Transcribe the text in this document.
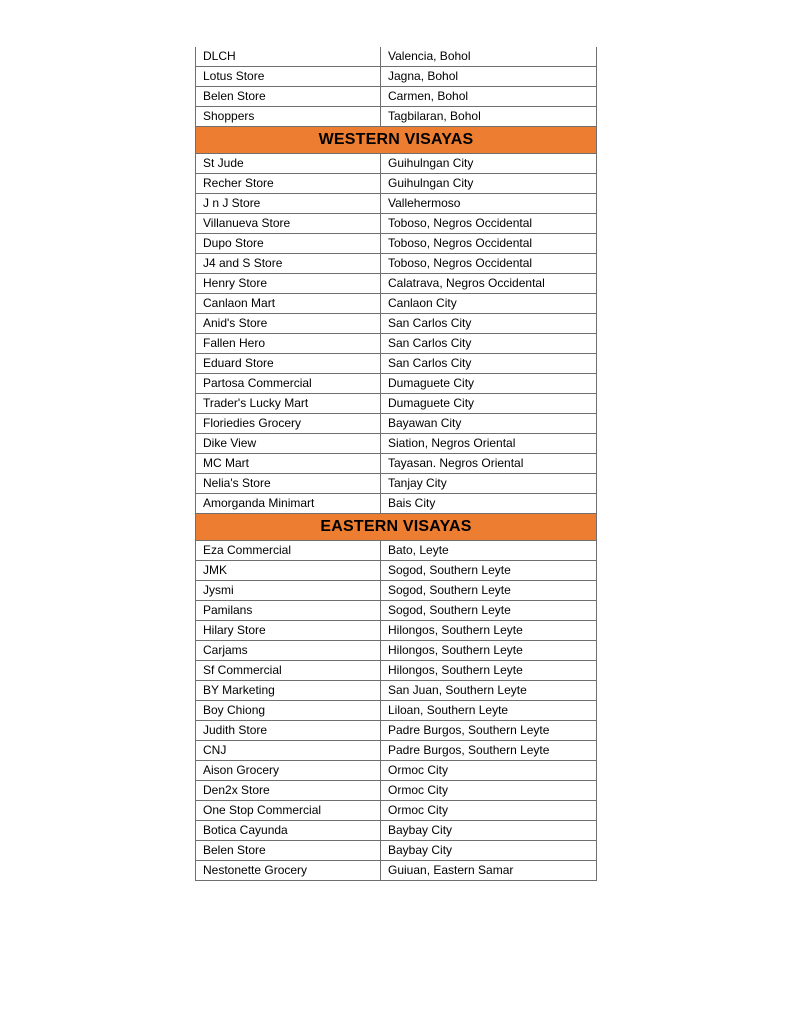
DLCH	Valencia, Bohol
Lotus Store	Jagna, Bohol
Belen Store	Carmen, Bohol
Shoppers	Tagbilaran, Bohol
WESTERN VISAYAS	
St Jude	Guihulngan City
Recher Store	Guihulngan City
J n J Store	Vallehermoso
Villanueva Store	Toboso, Negros Occidental
Dupo Store	Toboso, Negros Occidental
J4 and S Store	Toboso, Negros Occidental
Henry Store	Calatrava, Negros Occidental
Canlaon Mart	Canlaon City
Anid's Store	San Carlos City
Fallen Hero	San Carlos City
Eduard Store	San Carlos City
Partosa Commercial	Dumaguete City
Trader's Lucky Mart	Dumaguete City
Floriedies Grocery	Bayawan City
Dike View	Siation, Negros Oriental
MC Mart	Tayasan. Negros Oriental
Nelia's Store	Tanjay City
Amorganda Minimart	Bais City
EASTERN VISAYAS	
Eza Commercial	Bato, Leyte
JMK	Sogod, Southern Leyte
Jysmi	Sogod, Southern Leyte
Pamilans	Sogod, Southern Leyte
Hilary Store	Hilongos, Southern Leyte
Carjams	Hilongos, Southern Leyte
Sf Commercial	Hilongos, Southern Leyte
BY Marketing	San Juan, Southern Leyte
Boy Chiong	Liloan, Southern Leyte
Judith Store	Padre Burgos, Southern Leyte
CNJ	Padre Burgos, Southern Leyte
Aison Grocery	Ormoc City
Den2x Store	Ormoc City
One Stop Commercial	Ormoc City
Botica Cayunda	Baybay City
Belen Store	Baybay City
Nestonette Grocery	Guiuan, Eastern Samar
